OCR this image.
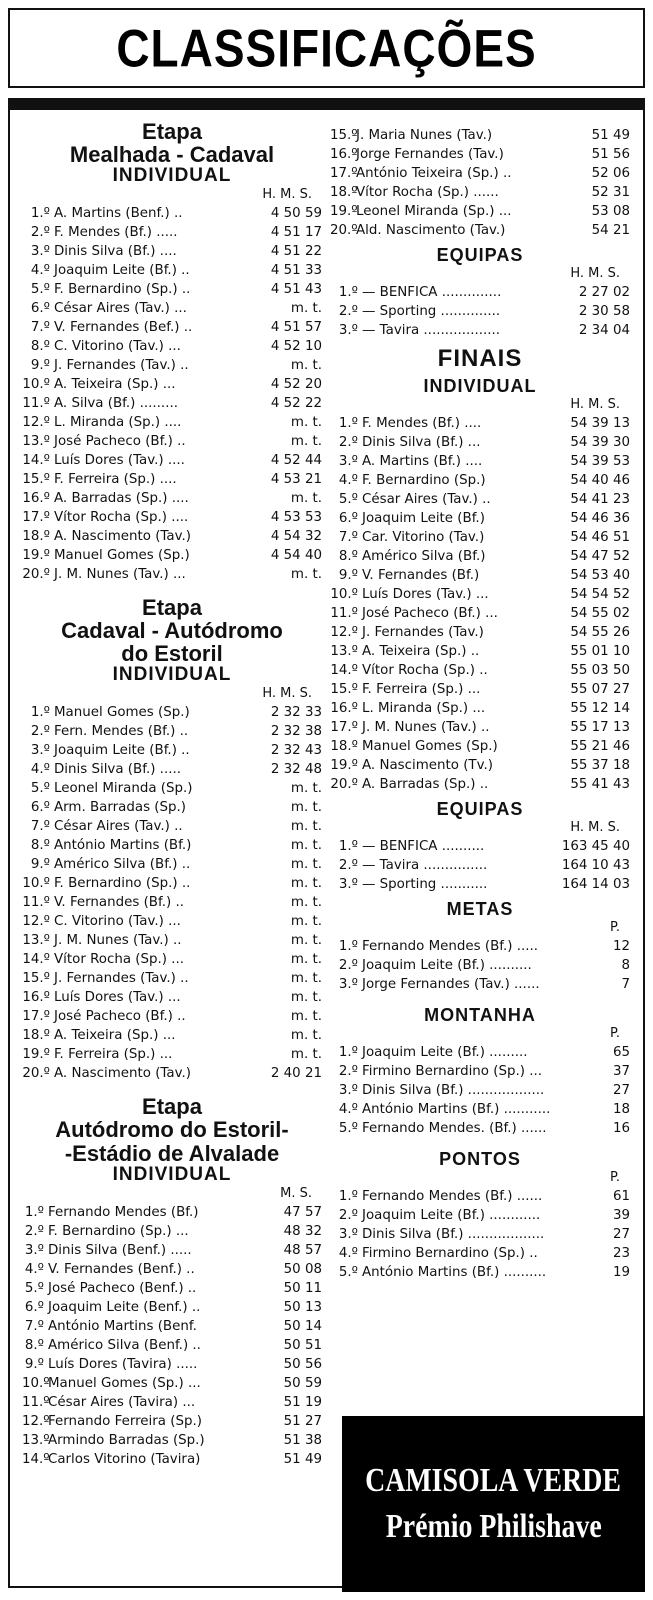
CLASSIFICAÇÕES
Etapa
Mealhada - Cadaval
INDIVIDUAL
H. M. S.
1.º A. Martins (Benf.) ..	4 50 59
2.º F. Mendes (Bf.) .....	4 51 17
3.º Dinis Silva (Bf.) ....	4 51 22
4.º Joaquim Leite (Bf.) ..	4 51 33
5.º F. Bernardino (Sp.) ..	4 51 43
6.º César Aires (Tav.) ...	m. t.
7.º V. Fernandes (Bef.) ..	4 51 57
8.º C. Vitorino (Tav.) ...	4 52 10
9.º J. Fernandes (Tav.) ..	m. t.
10.º A. Teixeira (Sp.) ...	4 52 20
11.º A. Silva (Bf.) .........	4 52 22
12.º L. Miranda (Sp.) ....	m. t.
13.º José Pacheco (Bf.) ..	m. t.
14.º Luís Dores (Tav.) ....	4 52 44
15.º F. Ferreira (Sp.) ....	4 53 21
16.º A. Barradas (Sp.) ....	m. t.
17.º Vítor Rocha (Sp.) ....	4 53 53
18.º A. Nascimento (Tav.)	4 54 32
19.º Manuel Gomes (Sp.)	4 54 40
20.º J. M. Nunes (Tav.) ...	m. t.
Etapa
Cadaval - Autódromo
do Estoril
INDIVIDUAL
H. M. S.
1.º Manuel Gomes (Sp.)	2 32 33
2.º Fern. Mendes (Bf.) ..	2 32 38
3.º Joaquim Leite (Bf.) ..	2 32 43
4.º Dinis Silva (Bf.) .....	2 32 48
5.º Leonel Miranda (Sp.)	m. t.
6.º Arm. Barradas (Sp.)	m. t.
7.º César Aires (Tav.) ..	m. t.
8.º António Martins (Bf.)	m. t.
9.º Américo Silva (Bf.) ..	m. t.
10.º F. Bernardino (Sp.) ..	m. t.
11.º V. Fernandes (Bf.) ..	m. t.
12.º C. Vitorino (Tav.) ...	m. t.
13.º J. M. Nunes (Tav.) ..	m. t.
14.º Vítor Rocha (Sp.) ...	m. t.
15.º J. Fernandes (Tav.) ..	m. t.
16.º Luís Dores (Tav.) ...	m. t.
17.º José Pacheco (Bf.) ..	m. t.
18.º A. Teixeira (Sp.) ...	m. t.
19.º F. Ferreira (Sp.) ...	m. t.
20.º A. Nascimento (Tav.)	2 40 21
Etapa
Autódromo do Estoril-
-Estádio de Alvalade
INDIVIDUAL
M. S.
1.º Fernando Mendes (Bf.)	47 57
2.º F. Bernardino (Sp.) ...	48 32
3.º Dinis Silva (Benf.) .....	48 57
4.º V. Fernandes (Benf.) ..	50 08
5.º José Pacheco (Benf.) ..	50 11
6.º Joaquim Leite (Benf.) ..	50 13
7.º António Martins (Benf.	50 14
8.º Américo Silva (Benf.) ..	50 51
9.º Luís Dores (Tavira) .....	50 56
10.º
Manuel Gomes (Sp.) ...	50 59
11.º
César Aires (Tavira) ...	51 19
12.º
Fernando Ferreira (Sp.)	51 27
13.º
Armindo Barradas (Sp.)	51 38
14.º
Carlos Vitorino (Tavira)	51 49
15.º
J. Maria Nunes (Tav.)	51 49
16.º
Jorge Fernandes (Tav.)	51 56
17.º
António Teixeira (Sp.) ..	52 06
18.º
Vítor Rocha (Sp.) ......	52 31
19.º
Leonel Miranda (Sp.) ...	53 08
20.º
Ald. Nascimento (Tav.)	54 21
EQUIPAS
H. M. S.
1.º — BENFICA ..............	2 27 02
2.º — Sporting ..............	2 30 58
3.º — Tavira ..................	2 34 04
FINAIS
INDIVIDUAL
H. M. S.
1.º F. Mendes (Bf.) ....	54 39 13
2.º Dinis Silva (Bf.) ...	54 39 30
3.º A. Martins (Bf.) ....	54 39 53
4.º F. Bernardino (Sp.)	54 40 46
5.º César Aires (Tav.) ..	54 41 23
6.º Joaquim Leite (Bf.)	54 46 36
7.º Car. Vitorino (Tav.)	54 46 51
8.º Américo Silva (Bf.)	54 47 52
9.º V. Fernandes (Bf.)	54 53 40
10.º Luís Dores (Tav.) ...	54 54 52
11.º José Pacheco (Bf.) ...	54 55 02
12.º J. Fernandes (Tav.)	54 55 26
13.º A. Teixeira (Sp.) ..	55 01 10
14.º Vítor Rocha (Sp.) ..	55 03 50
15.º F. Ferreira (Sp.) ...	55 07 27
16.º L. Miranda (Sp.) ...	55 12 14
17.º J. M. Nunes (Tav.) ..	55 17 13
18.º Manuel Gomes (Sp.)	55 21 46
19.º A. Nascimento (Tv.)	55 37 18
20.º A. Barradas (Sp.) ..	55 41 43
EQUIPAS
H. M. S.
1.º — BENFICA ..........	163 45 40
2.º — Tavira ...............	164 10 43
3.º — Sporting ...........	164 14 03
METAS
P.
1.º Fernando Mendes (Bf.) .....	12
2.º Joaquim Leite (Bf.) ..........	8
3.º Jorge Fernandes (Tav.) ......	7
MONTANHA
P.
1.º Joaquim Leite (Bf.) .........	65
2.º Firmino Bernardino (Sp.) ...	37
3.º Dinis Silva (Bf.) ..................	27
4.º António Martins (Bf.) ...........	18
5.º Fernando Mendes. (Bf.) ......	16
PONTOS
P.
1.º Fernando Mendes (Bf.) ......	61
2.º Joaquim Leite (Bf.) ............	39
3.º Dinis Silva (Bf.) ..................	27
4.º Firmino Bernardino (Sp.) ..	23
5.º António Martins (Bf.) ..........	19
CAMISOLA VERDE
Prémio Philishave
